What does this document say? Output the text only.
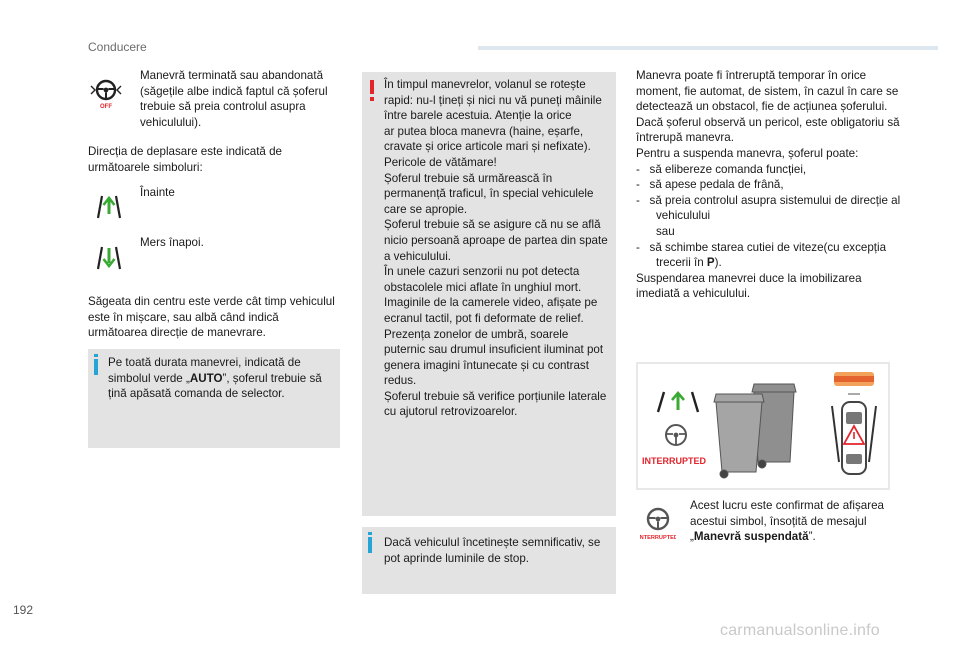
Conducere
OFF
Manevră terminată sau abandonată (săgețile albe indică faptul că șoferul trebuie să preia controlul asupra vehiculului).
Direcția de deplasare este indicată de următoarele simboluri:
Înainte
Mers înapoi.
Săgeata din centru este verde cât timp vehiculul este în mișcare, sau albă când indică următoarea direcție de manevrare.
Pe toată durata manevrei, indicată de simbolul verde „AUTO”, șoferul trebuie să țină apăsată comanda de selector.
În timpul manevrelor, volanul se rotește rapid: nu-l țineți și nici nu vă puneți mâinile între barele acestuia. Atenție la orice
ar putea bloca manevra (haine, eșarfe, cravate și orice articole mari și nefixate). Pericole de vătămare!
Șoferul trebuie să urmărească în permanență traficul, în special vehiculele care se apropie.
Șoferul trebuie să se asigure că nu se află nicio persoană aproape de partea din spate a vehiculului.
În unele cazuri senzorii nu pot detecta obstacolele mici aflate în unghiul mort.
Imaginile de la camerele video, afișate pe ecranul tactil, pot fi deformate de relief.
Prezența zonelor de umbră, soarele puternic sau drumul insuficient iluminat pot genera imagini întunecate și cu contrast redus.
Șoferul trebuie să verifice porțiunile laterale cu ajutorul retrovizoarelor.
Dacă vehiculul încetinește semnificativ, se pot aprinde luminile de stop.
Manevra poate fi întreruptă temporar în orice moment, fie automat, de sistem, în cazul în care se detectează un obstacol, fie de acțiunea șoferului. Dacă șoferul observă un pericol, este obligatoriu să întrerupă manevra.
Pentru a suspenda manevra, șoferul poate:
-   să elibereze comanda funcției,
-   să apese pedala de frână,
-   să preia controlul asupra sistemului de direcție al vehiculului
sau
-   să schimbe starea cutiei de viteze(cu excepția trecerii în P).
Suspendarea manevrei duce la imobilizarea imediată a vehiculului.
INTERRUPTED
INTERRUPTED
Acest lucru este confirmat de afișarea acestui simbol, însoțită de mesajul „Manevră suspendată”.
192
carmanualsonline.info
